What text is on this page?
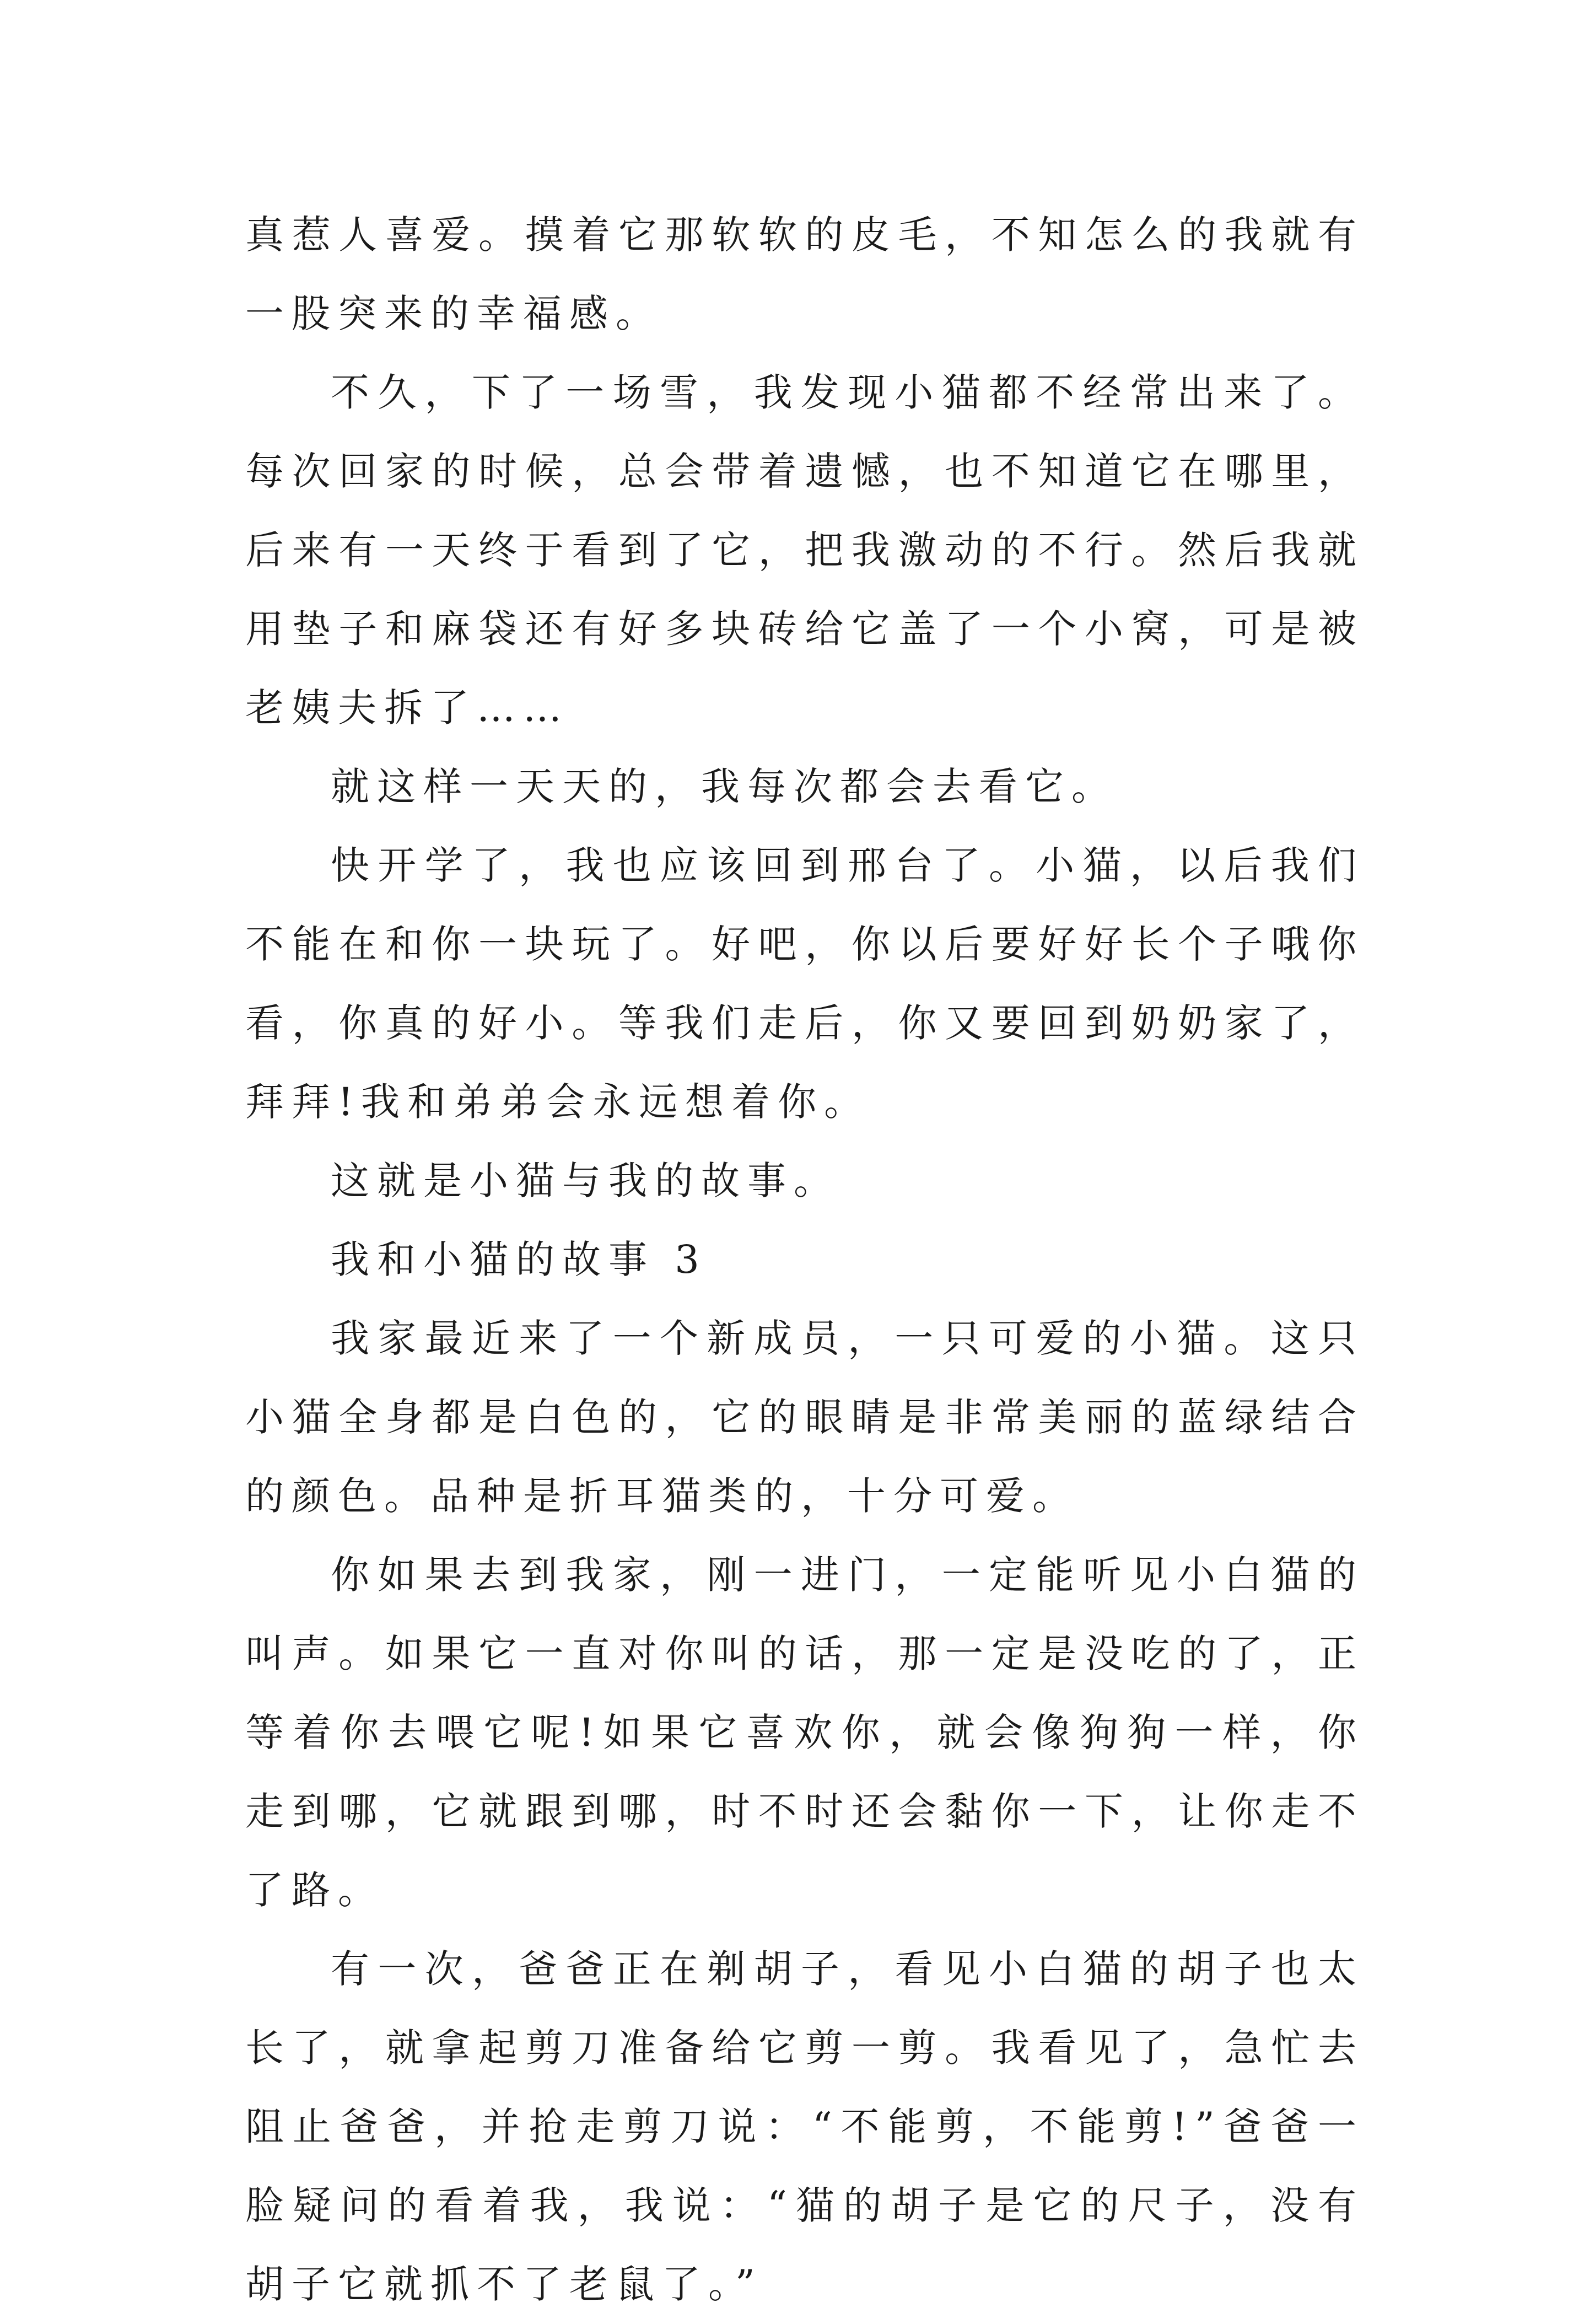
真惹人喜爱。摸着它那软软的皮毛，不知怎么的我就有一股突来的幸福感。

不久，下了一场雪，我发现小猫都不经常出来了。每次回家的时候，总会带着遗憾，也不知道它在哪里，后来有一天终于看到了它，把我激动的不行。然后我就用垫子和麻袋还有好多块砖给它盖了一个小窝，可是被老姨夫拆了……

就这样一天天的，我每次都会去看它。

快开学了，我也应该回到邢台了。小猫，以后我们不能在和你一块玩了。好吧，你以后要好好长个子哦你看，你真的好小。等我们走后，你又要回到奶奶家了，拜拜!我和弟弟会永远想着你。

这就是小猫与我的故事。

我和小猫的故事 3

我家最近来了一个新成员，一只可爱的小猫。这只小猫全身都是白色的，它的眼睛是非常美丽的蓝绿结合的颜色。品种是折耳猫类的，十分可爱。

你如果去到我家，刚一进门，一定能听见小白猫的叫声。如果它一直对你叫的话，那一定是没吃的了，正等着你去喂它呢!如果它喜欢你，就会像狗狗一样，你走到哪，它就跟到哪，时不时还会黏你一下，让你走不了路。

有一次，爸爸正在剃胡子，看见小白猫的胡子也太长了，就拿起剪刀准备给它剪一剪。我看见了，急忙去阻止爸爸，并抢走剪刀说：“不能剪，不能剪!”爸爸一脸疑问的看着我，我说：“猫的胡子是它的尺子，没有胡子它就抓不了老鼠了。”
